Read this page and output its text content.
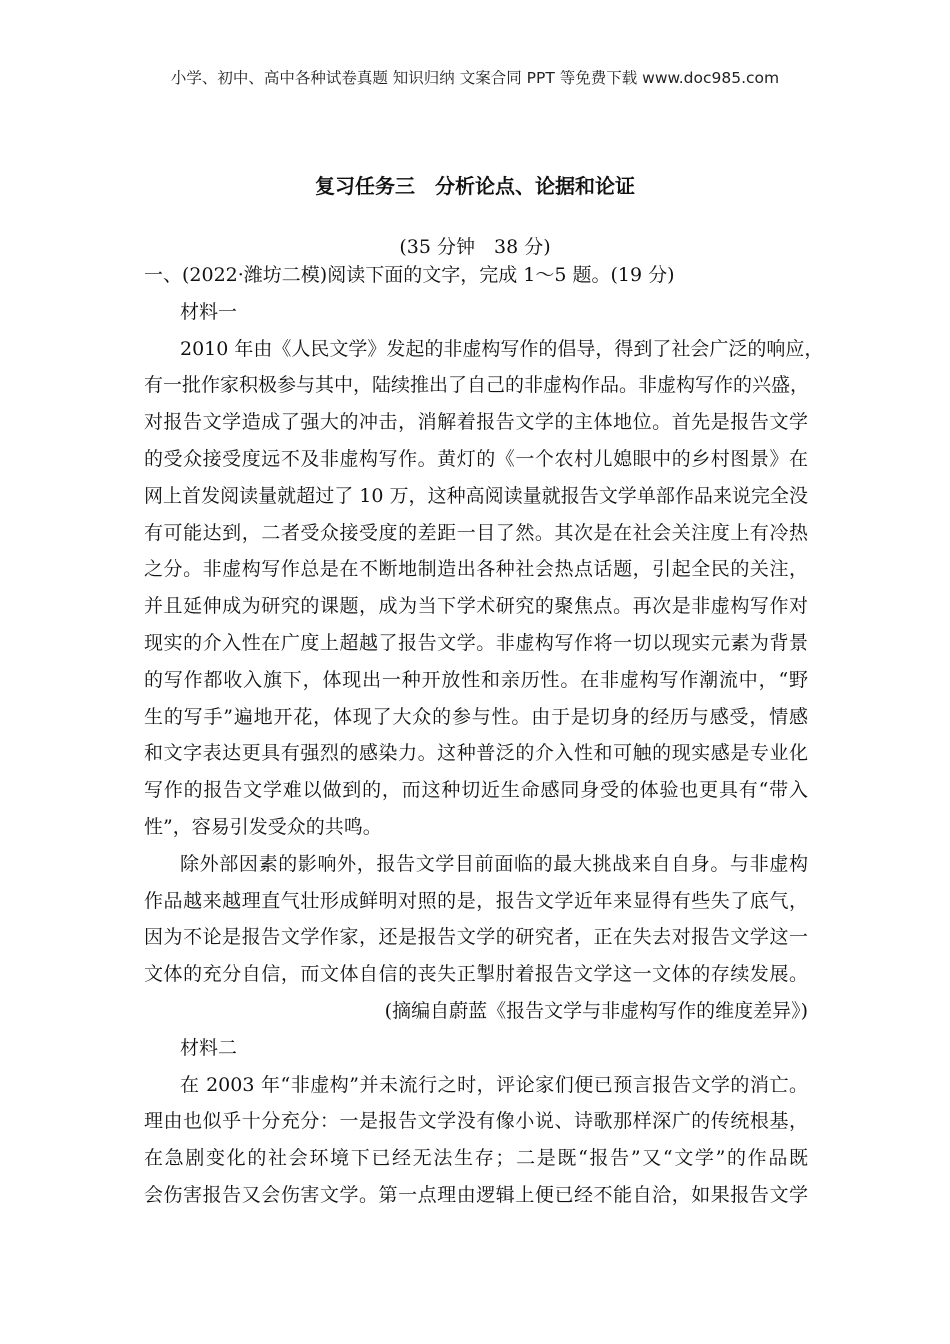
小学、初中、高中各种试卷真题 知识归纳 文案合同 PPT 等免费下载 www.doc985.com
复习任务三　分析论点、论据和论证
(35 分钟　38 分)
一、(2022·潍坊二模)阅读下面的文字，完成 1～5 题。(19 分)
材料一
2010 年由《人民文学》发起的非虚构写作的倡导，得到了社会广泛的响应，
有一批作家积极参与其中，陆续推出了自己的非虚构作品。非虚构写作的兴盛，
对报告文学造成了强大的冲击，消解着报告文学的主体地位。首先是报告文学
的受众接受度远不及非虚构写作。黄灯的《一个农村儿媳眼中的乡村图景》在
网上首发阅读量就超过了 10 万，这种高阅读量就报告文学单部作品来说完全没
有可能达到，二者受众接受度的差距一目了然。其次是在社会关注度上有冷热
之分。非虚构写作总是在不断地制造出各种社会热点话题，引起全民的关注，
并且延伸成为研究的课题，成为当下学术研究的聚焦点。再次是非虚构写作对
现实的介入性在广度上超越了报告文学。非虚构写作将一切以现实元素为背景
的写作都收入旗下，体现出一种开放性和亲历性。在非虚构写作潮流中，“野
生的写手”遍地开花，体现了大众的参与性。由于是切身的经历与感受，情感
和文字表达更具有强烈的感染力。这种普泛的介入性和可触的现实感是专业化
写作的报告文学难以做到的，而这种切近生命感同身受的体验也更具有“带入
性”，容易引发受众的共鸣。
除外部因素的影响外，报告文学目前面临的最大挑战来自自身。与非虚构
作品越来越理直气壮形成鲜明对照的是，报告文学近年来显得有些失了底气，
因为不论是报告文学作家，还是报告文学的研究者，正在失去对报告文学这一
文体的充分自信，而文体自信的丧失正掣肘着报告文学这一文体的存续发展。
(摘编自蔚蓝《报告文学与非虚构写作的维度差异》)
材料二
在 2003 年“非虚构”并未流行之时，评论家们便已预言报告文学的消亡。
理由也似乎十分充分：一是报告文学没有像小说、诗歌那样深广的传统根基，
在急剧变化的社会环境下已经无法生存；二是既“报告”又“文学”的作品既
会伤害报告又会伤害文学。第一点理由逻辑上便已经不能自洽，如果报告文学
